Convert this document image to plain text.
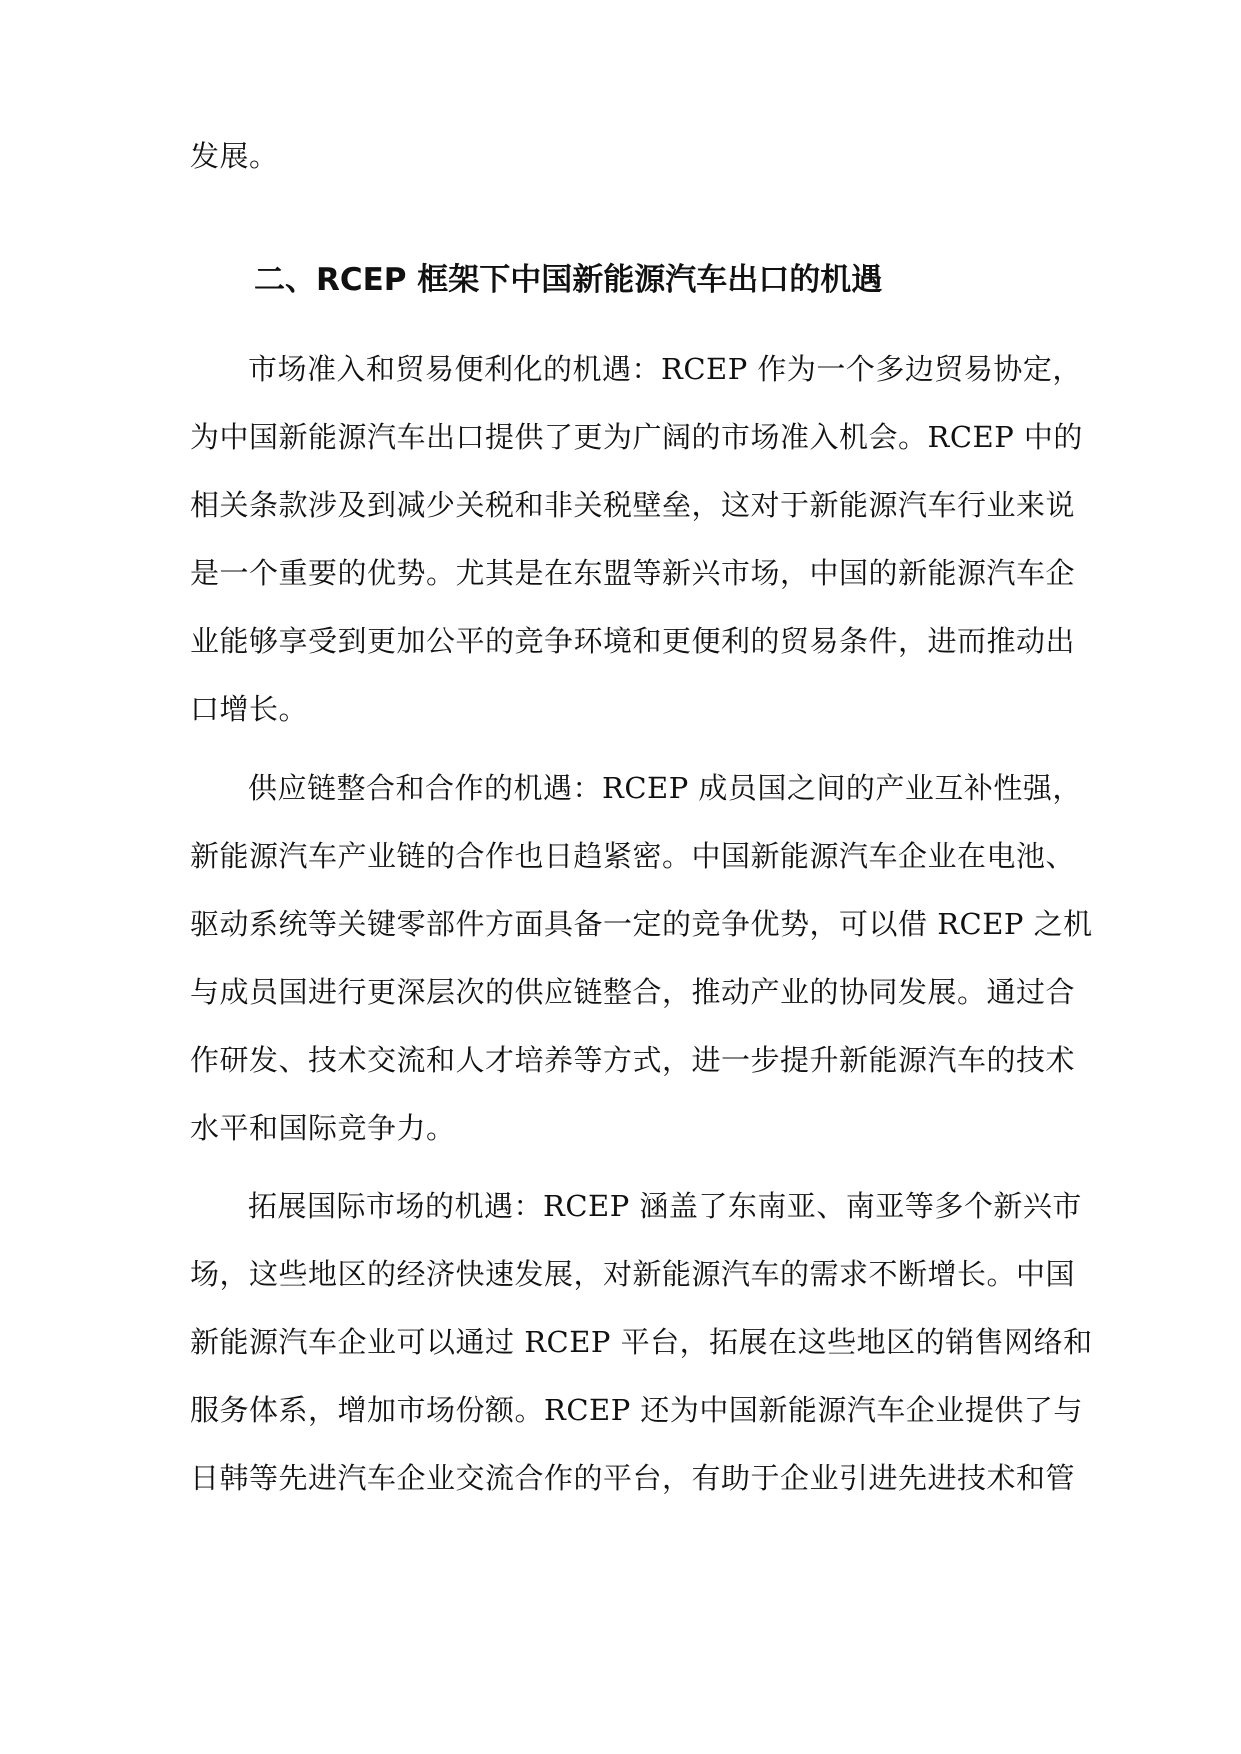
发展。

二、RCEP 框架下中国新能源汽车出口的机遇

市场准入和贸易便利化的机遇：RCEP 作为一个多边贸易协定，

为中国新能源汽车出口提供了更为广阔的市场准入机会。RCEP 中的

相关条款涉及到减少关税和非关税壁垒，这对于新能源汽车行业来说

是一个重要的优势。尤其是在东盟等新兴市场，中国的新能源汽车企

业能够享受到更加公平的竞争环境和更便利的贸易条件，进而推动出

口增长。

供应链整合和合作的机遇：RCEP 成员国之间的产业互补性强，

新能源汽车产业链的合作也日趋紧密。中国新能源汽车企业在电池、

驱动系统等关键零部件方面具备一定的竞争优势，可以借 RCEP 之机

与成员国进行更深层次的供应链整合，推动产业的协同发展。通过合

作研发、技术交流和人才培养等方式，进一步提升新能源汽车的技术

水平和国际竞争力。

拓展国际市场的机遇：RCEP 涵盖了东南亚、南亚等多个新兴市

场，这些地区的经济快速发展，对新能源汽车的需求不断增长。中国

新能源汽车企业可以通过 RCEP 平台，拓展在这些地区的销售网络和

服务体系，增加市场份额。RCEP 还为中国新能源汽车企业提供了与

日韩等先进汽车企业交流合作的平台，有助于企业引进先进技术和管
